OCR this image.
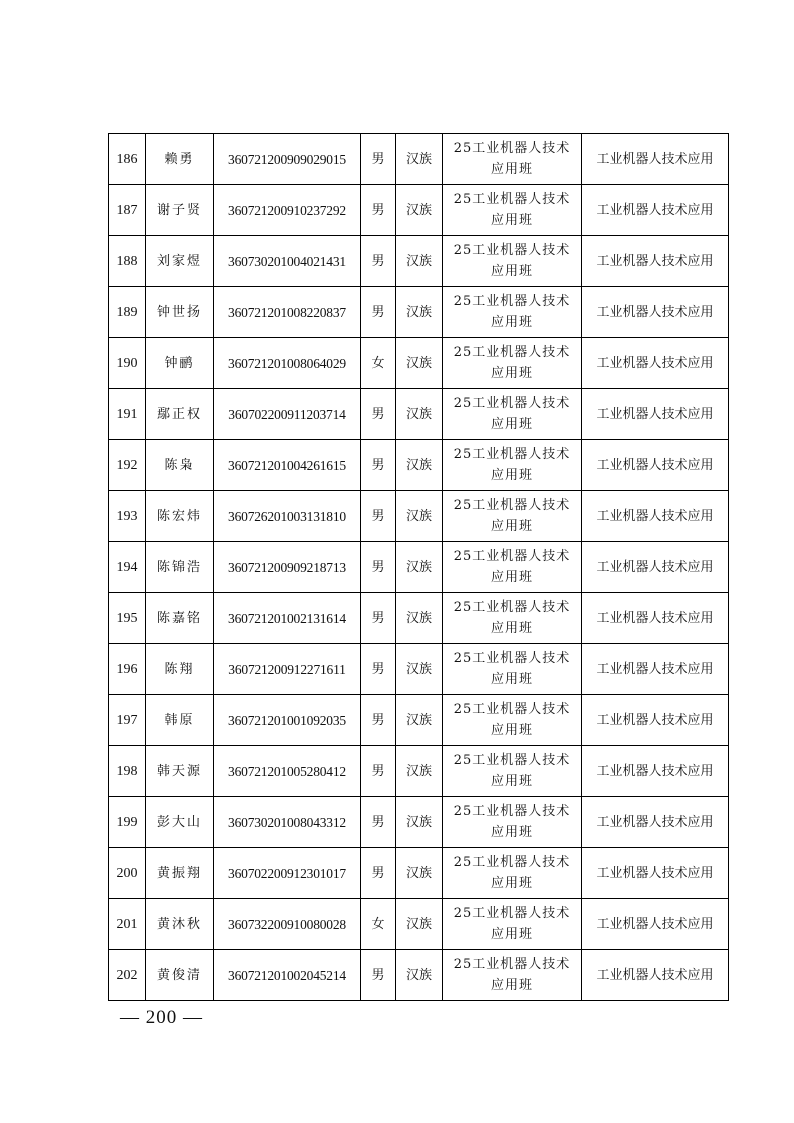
186	赖勇	360721200909029015	男	汉族	25工业机器人技术应用班	工业机器人技术应用
187	谢子贤	360721200910237292	男	汉族	25工业机器人技术应用班	工业机器人技术应用
188	刘家煜	360730201004021431	男	汉族	25工业机器人技术应用班	工业机器人技术应用
189	钟世扬	360721201008220837	男	汉族	25工业机器人技术应用班	工业机器人技术应用
190	钟鹂	360721201008064029	女	汉族	25工业机器人技术应用班	工业机器人技术应用
191	鄢正权	360702200911203714	男	汉族	25工业机器人技术应用班	工业机器人技术应用
192	陈枭	360721201004261615	男	汉族	25工业机器人技术应用班	工业机器人技术应用
193	陈宏炜	360726201003131810	男	汉族	25工业机器人技术应用班	工业机器人技术应用
194	陈锦浩	360721200909218713	男	汉族	25工业机器人技术应用班	工业机器人技术应用
195	陈嘉铭	360721201002131614	男	汉族	25工业机器人技术应用班	工业机器人技术应用
196	陈翔	360721200912271611	男	汉族	25工业机器人技术应用班	工业机器人技术应用
197	韩原	360721201001092035	男	汉族	25工业机器人技术应用班	工业机器人技术应用
198	韩天源	360721201005280412	男	汉族	25工业机器人技术应用班	工业机器人技术应用
199	彭大山	360730201008043312	男	汉族	25工业机器人技术应用班	工业机器人技术应用
200	黄振翔	360702200912301017	男	汉族	25工业机器人技术应用班	工业机器人技术应用
201	黄沐秋	360732200910080028	女	汉族	25工业机器人技术应用班	工业机器人技术应用
202	黄俊清	360721201002045214	男	汉族	25工业机器人技术应用班	工业机器人技术应用
— 200 —
